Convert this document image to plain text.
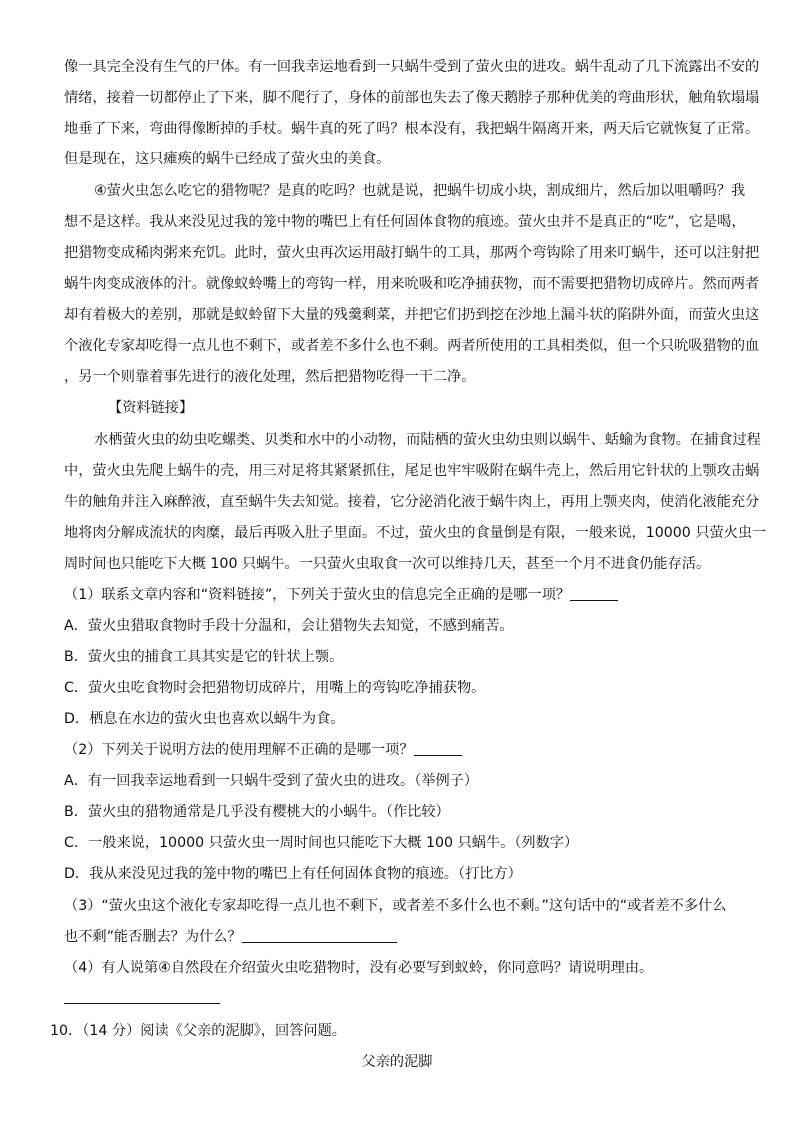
像一具完全没有生气的尸体。有一回我幸运地看到一只蜗牛受到了萤火虫的进攻。蜗牛乱动了几下流露出不安的
情绪，接着一切都停止了下来，脚不爬行了，身体的前部也失去了像天鹅脖子那种优美的弯曲形状，触角软塌塌
地垂了下来，弯曲得像断掉的手杖。蜗牛真的死了吗？根本没有，我把蜗牛隔离开来，两天后它就恢复了正常。
但是现在，这只瘫痪的蜗牛已经成了萤火虫的美食。
④萤火虫怎么吃它的猎物呢？是真的吃吗？也就是说，把蜗牛切成小块，割成细片，然后加以咀嚼吗？我
想不是这样。我从来没见过我的笼中物的嘴巴上有任何固体食物的痕迹。萤火虫并不是真正的“吃”，它是喝，
把猎物变成稀肉粥来充饥。此时，萤火虫再次运用敲打蜗牛的工具，那两个弯钩除了用来叮蜗牛，还可以注射把
蜗牛肉变成液体的汁。就像蚁蛉嘴上的弯钩一样，用来吮吸和吃净捕获物，而不需要把猎物切成碎片。然而两者
却有着极大的差别，那就是蚁蛉留下大量的残羹剩菜，并把它们扔到挖在沙地上漏斗状的陷阱外面，而萤火虫这
个液化专家却吃得一点儿也不剩下，或者差不多什么也不剩。两者所使用的工具相类似，但一个只吮吸猎物的血
，另一个则靠着事先进行的液化处理，然后把猎物吃得一干二净。
【资料链接】
水栖萤火虫的幼虫吃螺类、贝类和水中的小动物，而陆栖的萤火虫幼虫则以蜗牛、蛞蝓为食物。在捕食过程
中，萤火虫先爬上蜗牛的壳，用三对足将其紧紧抓住，尾足也牢牢吸附在蜗牛壳上，然后用它针状的上颚攻击蜗
牛的触角并注入麻醉液，直至蜗牛失去知觉。接着，它分泌消化液于蜗牛肉上，再用上颚夹肉，使消化液能充分
地将肉分解成流状的肉糜，最后再吸入肚子里面。不过，萤火虫的食量倒是有限，一般来说，10000 只萤火虫一
周时间也只能吃下大概 100 只蜗牛。一只萤火虫取食一次可以维持几天，甚至一个月不进食仍能存活。
（1）联系文章内容和“资料链接”，下列关于萤火虫的信息完全正确的是哪一项？
A．萤火虫猎取食物时手段十分温和，会让猎物失去知觉，不感到痛苦。
B．萤火虫的捕食工具其实是它的针状上颚。
C．萤火虫吃食物时会把猎物切成碎片，用嘴上的弯钩吃净捕获物。
D．栖息在水边的萤火虫也喜欢以蜗牛为食。
（2）下列关于说明方法的使用理解不正确的是哪一项？
A．有一回我幸运地看到一只蜗牛受到了萤火虫的进攻。（举例子）
B．萤火虫的猎物通常是几乎没有樱桃大的小蜗牛。（作比较）
C．一般来说，10000 只萤火虫一周时间也只能吃下大概 100 只蜗牛。（列数字）
D．我从来没见过我的笼中物的嘴巴上有任何固体食物的痕迹。（打比方）
（3）“萤火虫这个液化专家却吃得一点儿也不剩下，或者差不多什么也不剩。”这句话中的“或者差不多什么
也不剩”能否删去？为什么？
（4）有人说第④自然段在介绍萤火虫吃猎物时，没有必要写到蚁蛉，你同意吗？请说明理由。
10．（14 分）阅读《父亲的泥脚》，回答问题。
父亲的泥脚
